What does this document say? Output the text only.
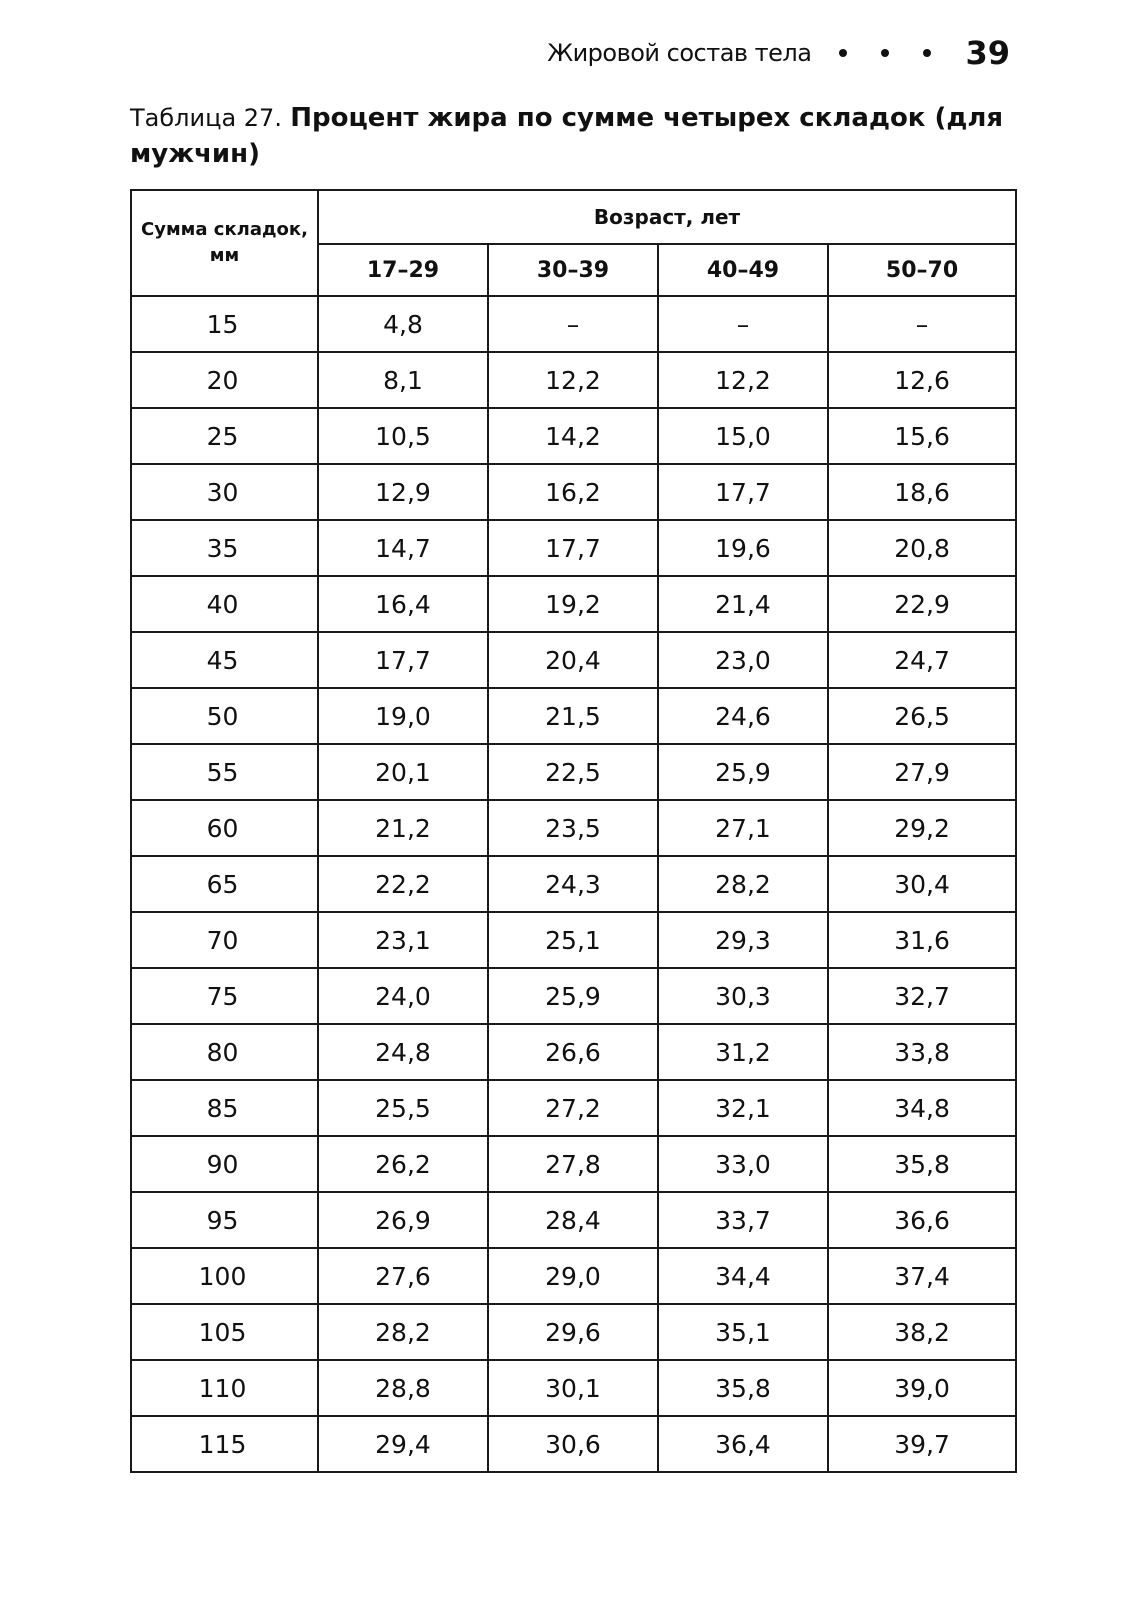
Жировой состав тела	39
Таблица 27. Процент жира по сумме четырех складок (для мужчин)
Сумма складок, мм	Возраст, лет			
	17–29	30–39	40–49	50–70
15	4,8	–	–	–
20	8,1	12,2	12,2	12,6
25	10,5	14,2	15,0	15,6
30	12,9	16,2	17,7	18,6
35	14,7	17,7	19,6	20,8
40	16,4	19,2	21,4	22,9
45	17,7	20,4	23,0	24,7
50	19,0	21,5	24,6	26,5
55	20,1	22,5	25,9	27,9
60	21,2	23,5	27,1	29,2
65	22,2	24,3	28,2	30,4
70	23,1	25,1	29,3	31,6
75	24,0	25,9	30,3	32,7
80	24,8	26,6	31,2	33,8
85	25,5	27,2	32,1	34,8
90	26,2	27,8	33,0	35,8
95	26,9	28,4	33,7	36,6
100	27,6	29,0	34,4	37,4
105	28,2	29,6	35,1	38,2
110	28,8	30,1	35,8	39,0
115	29,4	30,6	36,4	39,7
